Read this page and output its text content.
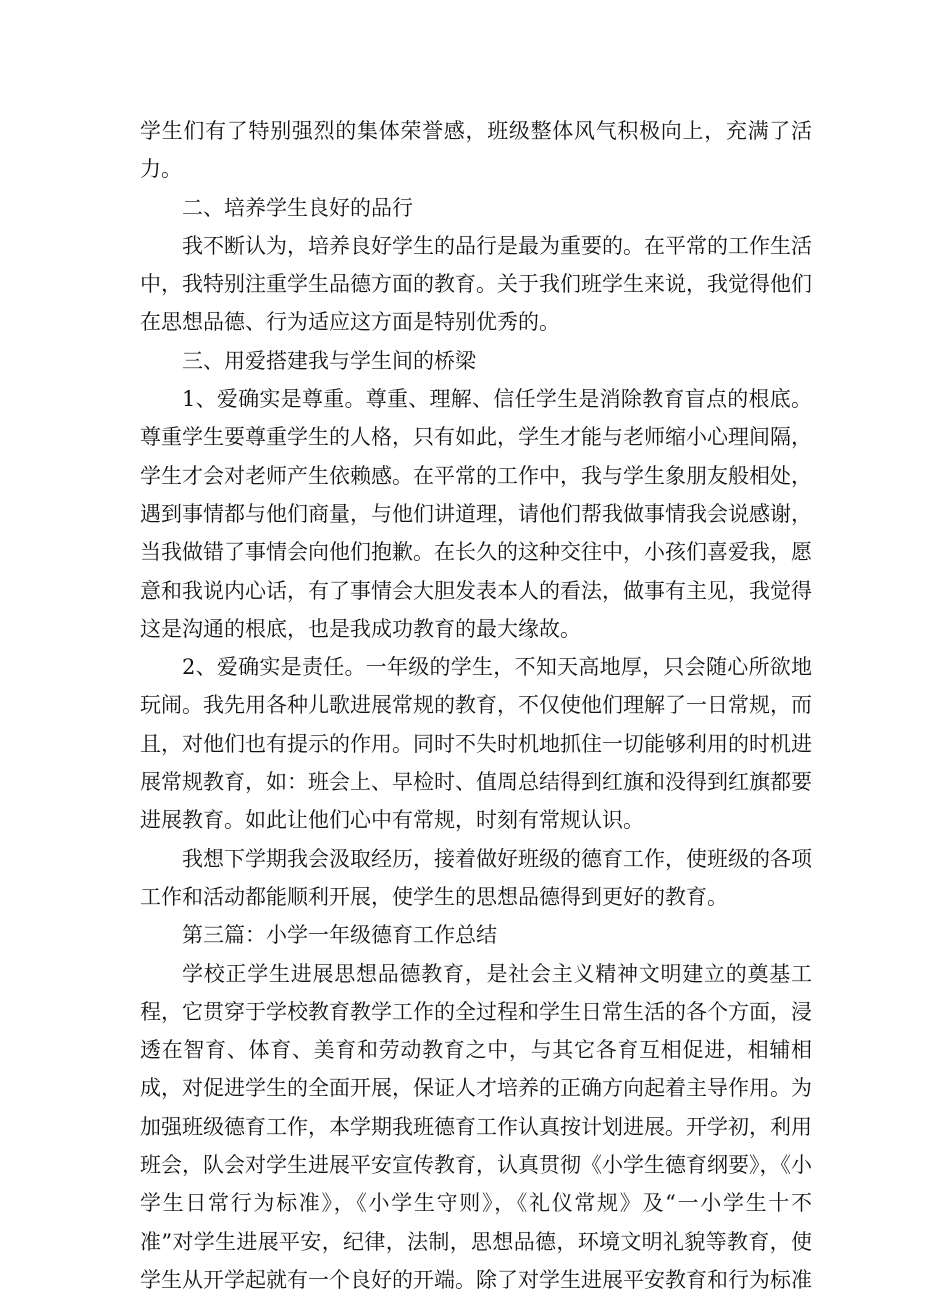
学生们有了特别强烈的集体荣誉感，班级整体风气积极向上，充满了活力。

二、培养学生良好的品行

我不断认为，培养良好学生的品行是最为重要的。在平常的工作生活中，我特别注重学生品德方面的教育。关于我们班学生来说，我觉得他们在思想品德、行为适应这方面是特别优秀的。

三、用爱搭建我与学生间的桥梁

1、爱确实是尊重。尊重、理解、信任学生是消除教育盲点的根底。尊重学生要尊重学生的人格，只有如此，学生才能与老师缩小心理间隔，学生才会对老师产生依赖感。在平常的工作中，我与学生象朋友般相处，遇到事情都与他们商量，与他们讲道理，请他们帮我做事情我会说感谢，当我做错了事情会向他们抱歉。在长久的这种交往中，小孩们喜爱我，愿意和我说内心话，有了事情会大胆发表本人的看法，做事有主见，我觉得这是沟通的根底，也是我成功教育的最大缘故。

2、爱确实是责任。一年级的学生，不知天高地厚，只会随心所欲地玩闹。我先用各种儿歌进展常规的教育，不仅使他们理解了一日常规，而且，对他们也有提示的作用。同时不失时机地抓住一切能够利用的时机进展常规教育，如：班会上、早检时、值周总结得到红旗和没得到红旗都要进展教育。如此让他们心中有常规，时刻有常规认识。

我想下学期我会汲取经历，接着做好班级的德育工作，使班级的各项工作和活动都能顺利开展，使学生的思想品德得到更好的教育。

第三篇：小学一年级德育工作总结

学校正学生进展思想品德教育，是社会主义精神文明建立的奠基工程，它贯穿于学校教育教学工作的全过程和学生日常生活的各个方面，浸透在智育、体育、美育和劳动教育之中，与其它各育互相促进，相辅相成，对促进学生的全面开展，保证人才培养的正确方向起着主导作用。为加强班级德育工作，本学期我班德育工作认真按计划进展。开学初，利用班会，队会对学生进展平安宣传教育，认真贯彻《小学生德育纲要》，《小学生日常行为标准》，《小学生守则》，《礼仪常规》及“一小学生十不准”对学生进展平安，纪律，法制，思想品德，环境文明礼貌等教育，使学生从开学起就有一个良好的开端。除了对学生进展平安教育和行为标准
